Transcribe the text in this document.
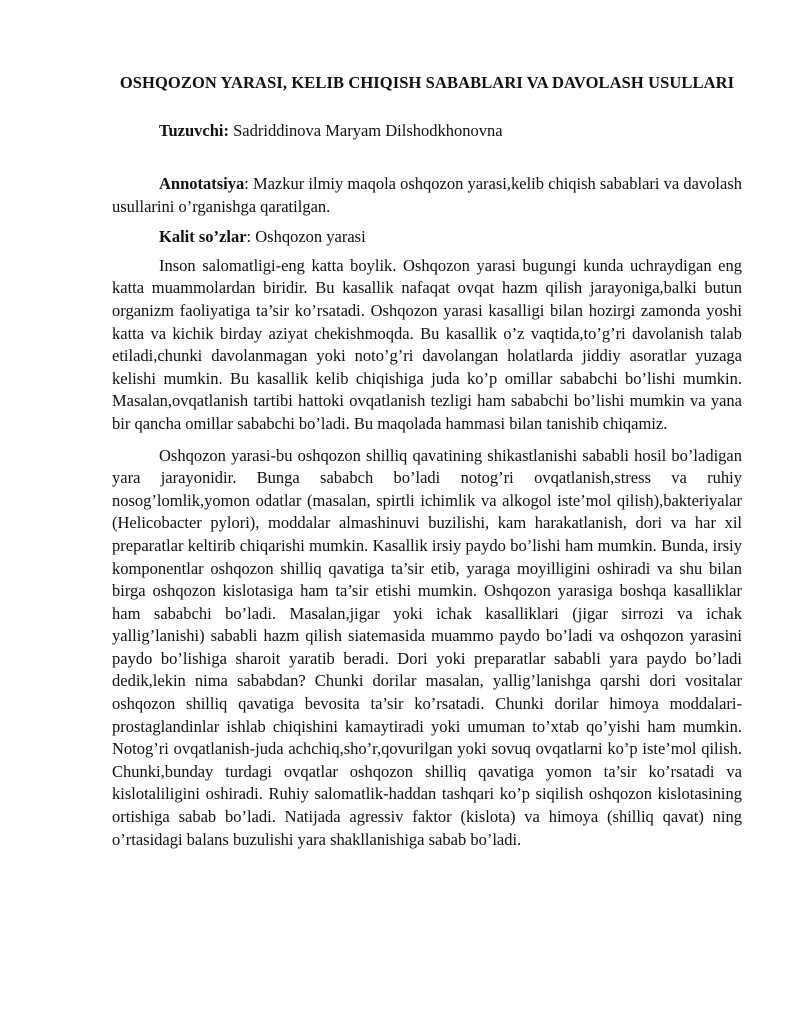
OSHQOZON YARASI, KELIB CHIQISH SABABLARI VA DAVOLASH USULLARI
Tuzuvchi: Sadriddinova Maryam Dilshodkhonovna

Annotatsiya: Mazkur ilmiy maqola oshqozon yarasi,kelib chiqish sabablari va davolash usullarini o’rganishga qaratilgan.

Kalit so’zlar: Oshqozon yarasi

Inson salomatligi-eng katta boylik. Oshqozon yarasi bugungi kunda uchraydigan eng katta muammolardan biridir. Bu kasallik nafaqat ovqat hazm qilish jarayoniga,balki butun organizm faoliyatiga ta’sir ko’rsatadi. Oshqozon yarasi kasalligi bilan hozirgi zamonda yoshi katta va kichik birday aziyat chekishmoqda. Bu kasallik o’z vaqtida,to’g’ri davolanish talab etiladi,chunki davolanmagan yoki noto’g’ri davolangan holatlarda jiddiy asoratlar yuzaga kelishi mumkin. Bu kasallik kelib chiqishiga juda ko’p omillar sababchi bo’lishi mumkin. Masalan,ovqatlanish tartibi hattoki ovqatlanish tezligi ham sababchi bo’lishi mumkin va yana bir qancha omillar sababchi bo’ladi. Bu maqolada hammasi bilan tanishib chiqamiz.

Oshqozon yarasi-bu oshqozon shilliq qavatining shikastlanishi sababli hosil bo’ladigan yara jarayonidir. Bunga sababch bo’ladi notog’ri ovqatlanish,stress va ruhiy nosog’lomlik,yomon odatlar (masalan, spirtli ichimlik va alkogol iste’mol qilish),bakteriyalar (Helicobacter pylori), moddalar almashinuvi buzilishi, kam harakatlanish, dori va har xil preparatlar keltirib chiqarishi mumkin. Kasallik irsiy paydo bo’lishi ham mumkin. Bunda, irsiy komponentlar oshqozon shilliq qavatiga ta’sir etib, yaraga moyilligini oshiradi va shu bilan birga oshqozon kislotasiga ham ta’sir etishi mumkin. Oshqozon yarasiga boshqa kasalliklar ham sababchi bo’ladi. Masalan,jigar yoki ichak kasalliklari (jigar sirrozi va ichak yallig’lanishi) sababli hazm qilish siatemasida muammo paydo bo’ladi va oshqozon yarasini paydo bo’lishiga sharoit yaratib beradi. Dori yoki preparatlar sababli yara paydo bo’ladi dedik,lekin nima sababdan? Chunki dorilar masalan, yallig’lanishga qarshi dori vositalar oshqozon shilliq qavatiga bevosita ta’sir ko’rsatadi. Chunki dorilar himoya moddalari-prostaglandinlar ishlab chiqishini kamaytiradi yoki umuman to’xtab qo’yishi ham mumkin. Notog’ri ovqatlanish-juda achchiq,sho’r,qovurilgan yoki sovuq ovqatlarni ko’p iste’mol qilish. Chunki,bunday turdagi ovqatlar oshqozon shilliq qavatiga yomon ta’sir ko’rsatadi va kislotaliligini oshiradi. Ruhiy salomatlik-haddan tashqari ko’p siqilish oshqozon kislotasining ortishiga sabab bo’ladi. Natijada agressiv faktor (kislota) va himoya (shilliq qavat) ning o’rtasidagi balans buzulishi yara shakllanishiga sabab bo’ladi.
